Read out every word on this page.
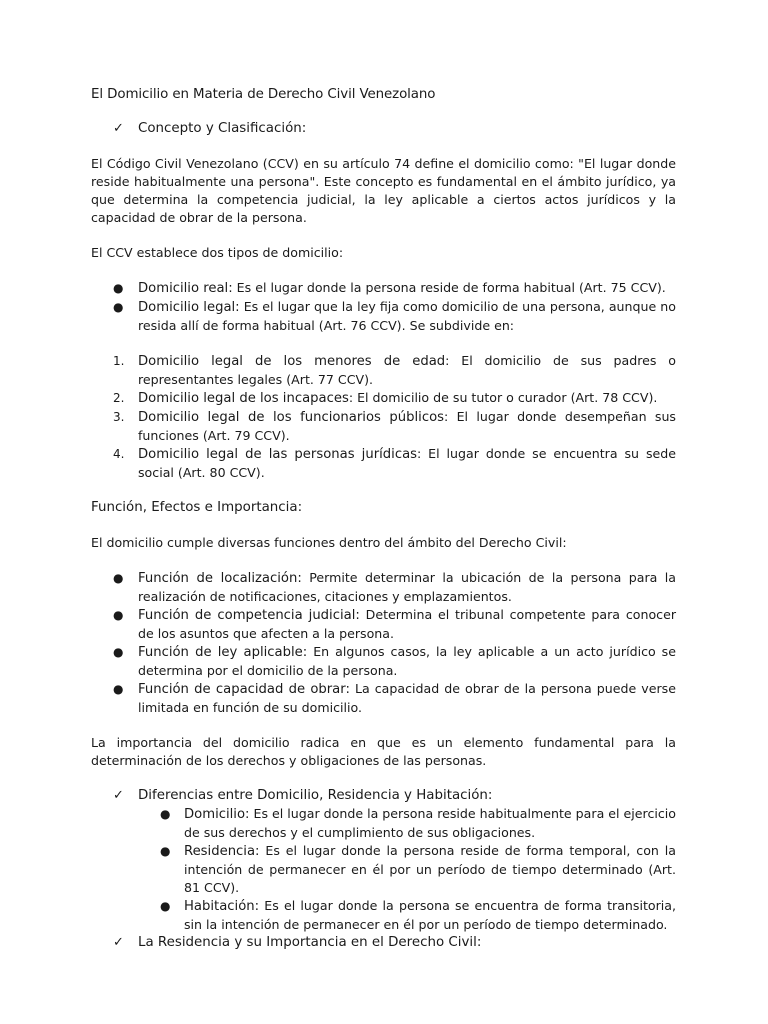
El Domicilio en Materia de Derecho Civil Venezolano
✓	Concepto y Clasificación:

El Código Civil Venezolano (CCV) en su artículo 74 define el domicilio como: "El lugar donde reside habitualmente una persona". Este concepto es fundamental en el ámbito jurídico, ya que determina la competencia judicial, la ley aplicable a ciertos actos jurídicos y la capacidad de obrar de la persona.

El CCV establece dos tipos de domicilio:

●	Domicilio real: Es el lugar donde la persona reside de forma habitual (Art. 75 CCV).
●	Domicilio legal: Es el lugar que la ley fija como domicilio de una persona, aunque no resida allí de forma habitual (Art. 76 CCV). Se subdivide en:
1.	Domicilio legal de los menores de edad: El domicilio de sus padres o representantes legales (Art. 77 CCV).
2.	Domicilio legal de los incapaces: El domicilio de su tutor o curador (Art. 78 CCV).
3.	Domicilio legal de los funcionarios públicos: El lugar donde desempeñan sus funciones (Art. 79 CCV).
4.	Domicilio legal de las personas jurídicas: El lugar donde se encuentra su sede social (Art. 80 CCV).
Función, Efectos e Importancia:

El domicilio cumple diversas funciones dentro del ámbito del Derecho Civil:

●	Función de localización: Permite determinar la ubicación de la persona para la realización de notificaciones, citaciones y emplazamientos.
●	Función de competencia judicial: Determina el tribunal competente para conocer de los asuntos que afecten a la persona.
●	Función de ley aplicable: En algunos casos, la ley aplicable a un acto jurídico se determina por el domicilio de la persona.
●	Función de capacidad de obrar: La capacidad de obrar de la persona puede verse limitada en función de su domicilio.

La importancia del domicilio radica en que es un elemento fundamental para la determinación de los derechos y obligaciones de las personas.

✓	Diferencias entre Domicilio, Residencia y Habitación:
●	Domicilio: Es el lugar donde la persona reside habitualmente para el ejercicio de sus derechos y el cumplimiento de sus obligaciones.
●	Residencia: Es el lugar donde la persona reside de forma temporal, con la intención de permanecer en él por un período de tiempo determinado (Art. 81 CCV).
●	Habitación: Es el lugar donde la persona se encuentra de forma transitoria, sin la intención de permanecer en él por un período de tiempo determinado.
✓	La Residencia y su Importancia en el Derecho Civil:
